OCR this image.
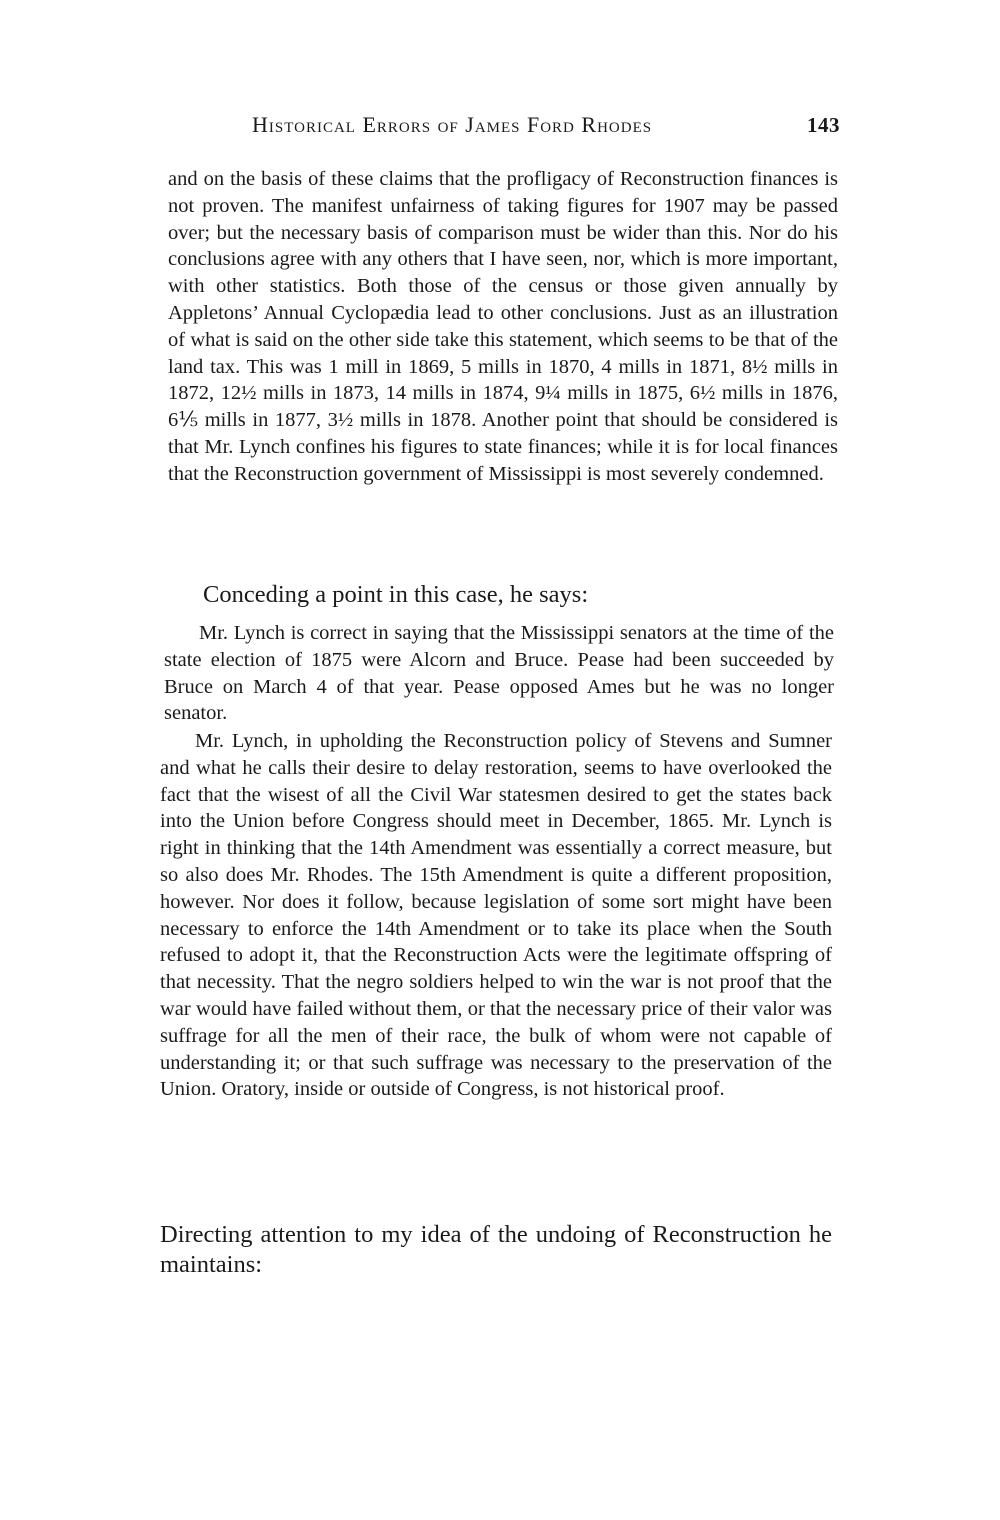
Historical Errors of James Ford Rhodes	143

and on the basis of these claims that the profligacy of Reconstruction finances is not proven. The manifest unfairness of taking figures for 1907 may be passed over; but the necessary basis of comparison must be wider than this. Nor do his conclusions agree with any others that I have seen, nor, which is more important, with other statistics. Both those of the census or those given annually by Appletons’ Annual Cyclopædia lead to other conclusions. Just as an illustration of what is said on the other side take this statement, which seems to be that of the land tax. This was 1 mill in 1869, 5 mills in 1870, 4 mills in 1871, 8½ mills in 1872, 12½ mills in 1873, 14 mills in 1874, 9¼ mills in 1875, 6½ mills in 1876, 6⅕ mills in 1877, 3½ mills in 1878. Another point that should be considered is that Mr. Lynch confines his figures to state finances; while it is for local finances that the Reconstruction government of Mississippi is most severely condemned.

Conceding a point in this case, he says:

Mr. Lynch is correct in saying that the Mississippi senators at the time of the state election of 1875 were Alcorn and Bruce. Pease had been succeeded by Bruce on March 4 of that year. Pease opposed Ames but he was no longer senator.

Mr. Lynch, in upholding the Reconstruction policy of Stevens and Sumner and what he calls their desire to delay restoration, seems to have overlooked the fact that the wisest of all the Civil War statesmen desired to get the states back into the Union before Congress should meet in December, 1865. Mr. Lynch is right in thinking that the 14th Amendment was essentially a correct measure, but so also does Mr. Rhodes. The 15th Amendment is quite a different proposition, however. Nor does it follow, because legislation of some sort might have been necessary to enforce the 14th Amendment or to take its place when the South refused to adopt it, that the Reconstruction Acts were the legitimate offspring of that necessity. That the negro soldiers helped to win the war is not proof that the war would have failed without them, or that the necessary price of their valor was suffrage for all the men of their race, the bulk of whom were not capable of understanding it; or that such suffrage was necessary to the preservation of the Union. Oratory, inside or outside of Congress, is not historical proof.

Directing attention to my idea of the undoing of Reconstruction he maintains:
